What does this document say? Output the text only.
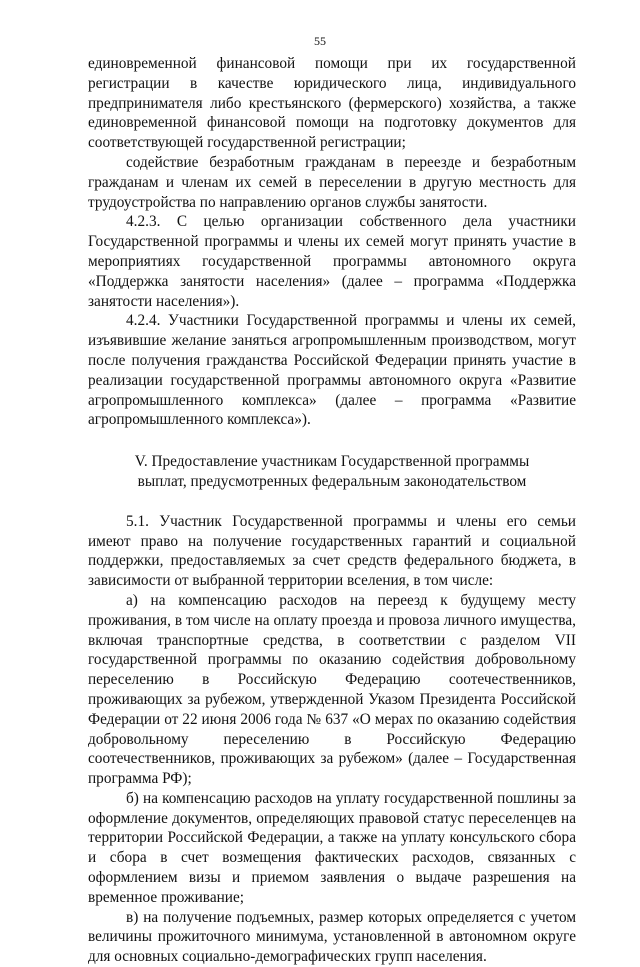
55

единовременной финансовой помощи при их государственной регистрации в качестве юридического лица, индивидуального предпринимателя либо крестьянского (фермерского) хозяйства, а также единовременной финансовой помощи на подготовку документов для соответствующей государственной регистрации;

содействие безработным гражданам в переезде и безработным гражданам и членам их семей в переселении в другую местность для трудоустройства по направлению органов службы занятости.

4.2.3. С целью организации собственного дела участники Государственной программы и члены их семей могут принять участие в мероприятиях государственной программы автономного округа «Поддержка занятости населения» (далее – программа «Поддержка занятости населения»).

4.2.4. Участники Государственной программы и члены их семей, изъявившие желание заняться агропромышленным производством, могут после получения гражданства Российской Федерации принять участие в реализации государственной программы автономного округа «Развитие агропромышленного комплекса» (далее – программа «Развитие агропромышленного комплекса»).

V. Предоставление участникам Государственной программы
выплат, предусмотренных федеральным законодательством

5.1. Участник Государственной программы и члены его семьи имеют право на получение государственных гарантий и социальной поддержки, предоставляемых за счет средств федерального бюджета, в зависимости от выбранной территории вселения, в том числе:

а) на компенсацию расходов на переезд к будущему месту проживания, в том числе на оплату проезда и провоза личного имущества, включая транспортные средства, в соответствии с разделом VII государственной программы по оказанию содействия добровольному переселению в Российскую Федерацию соотечественников, проживающих за рубежом, утвержденной Указом Президента Российской Федерации от 22 июня 2006 года № 637 «О мерах по оказанию содействия добровольному переселению в Российскую Федерацию соотечественников, проживающих за рубежом» (далее – Государственная программа РФ);

б) на компенсацию расходов на уплату государственной пошлины за оформление документов, определяющих правовой статус переселенцев на территории Российской Федерации, а также на уплату консульского сбора и сбора в счет возмещения фактических расходов, связанных с оформлением визы и приемом заявления о выдаче разрешения на временное проживание;

в) на получение подъемных, размер которых определяется с учетом величины прожиточного минимума, установленной в автономном округе для основных социально-демографических групп населения.
